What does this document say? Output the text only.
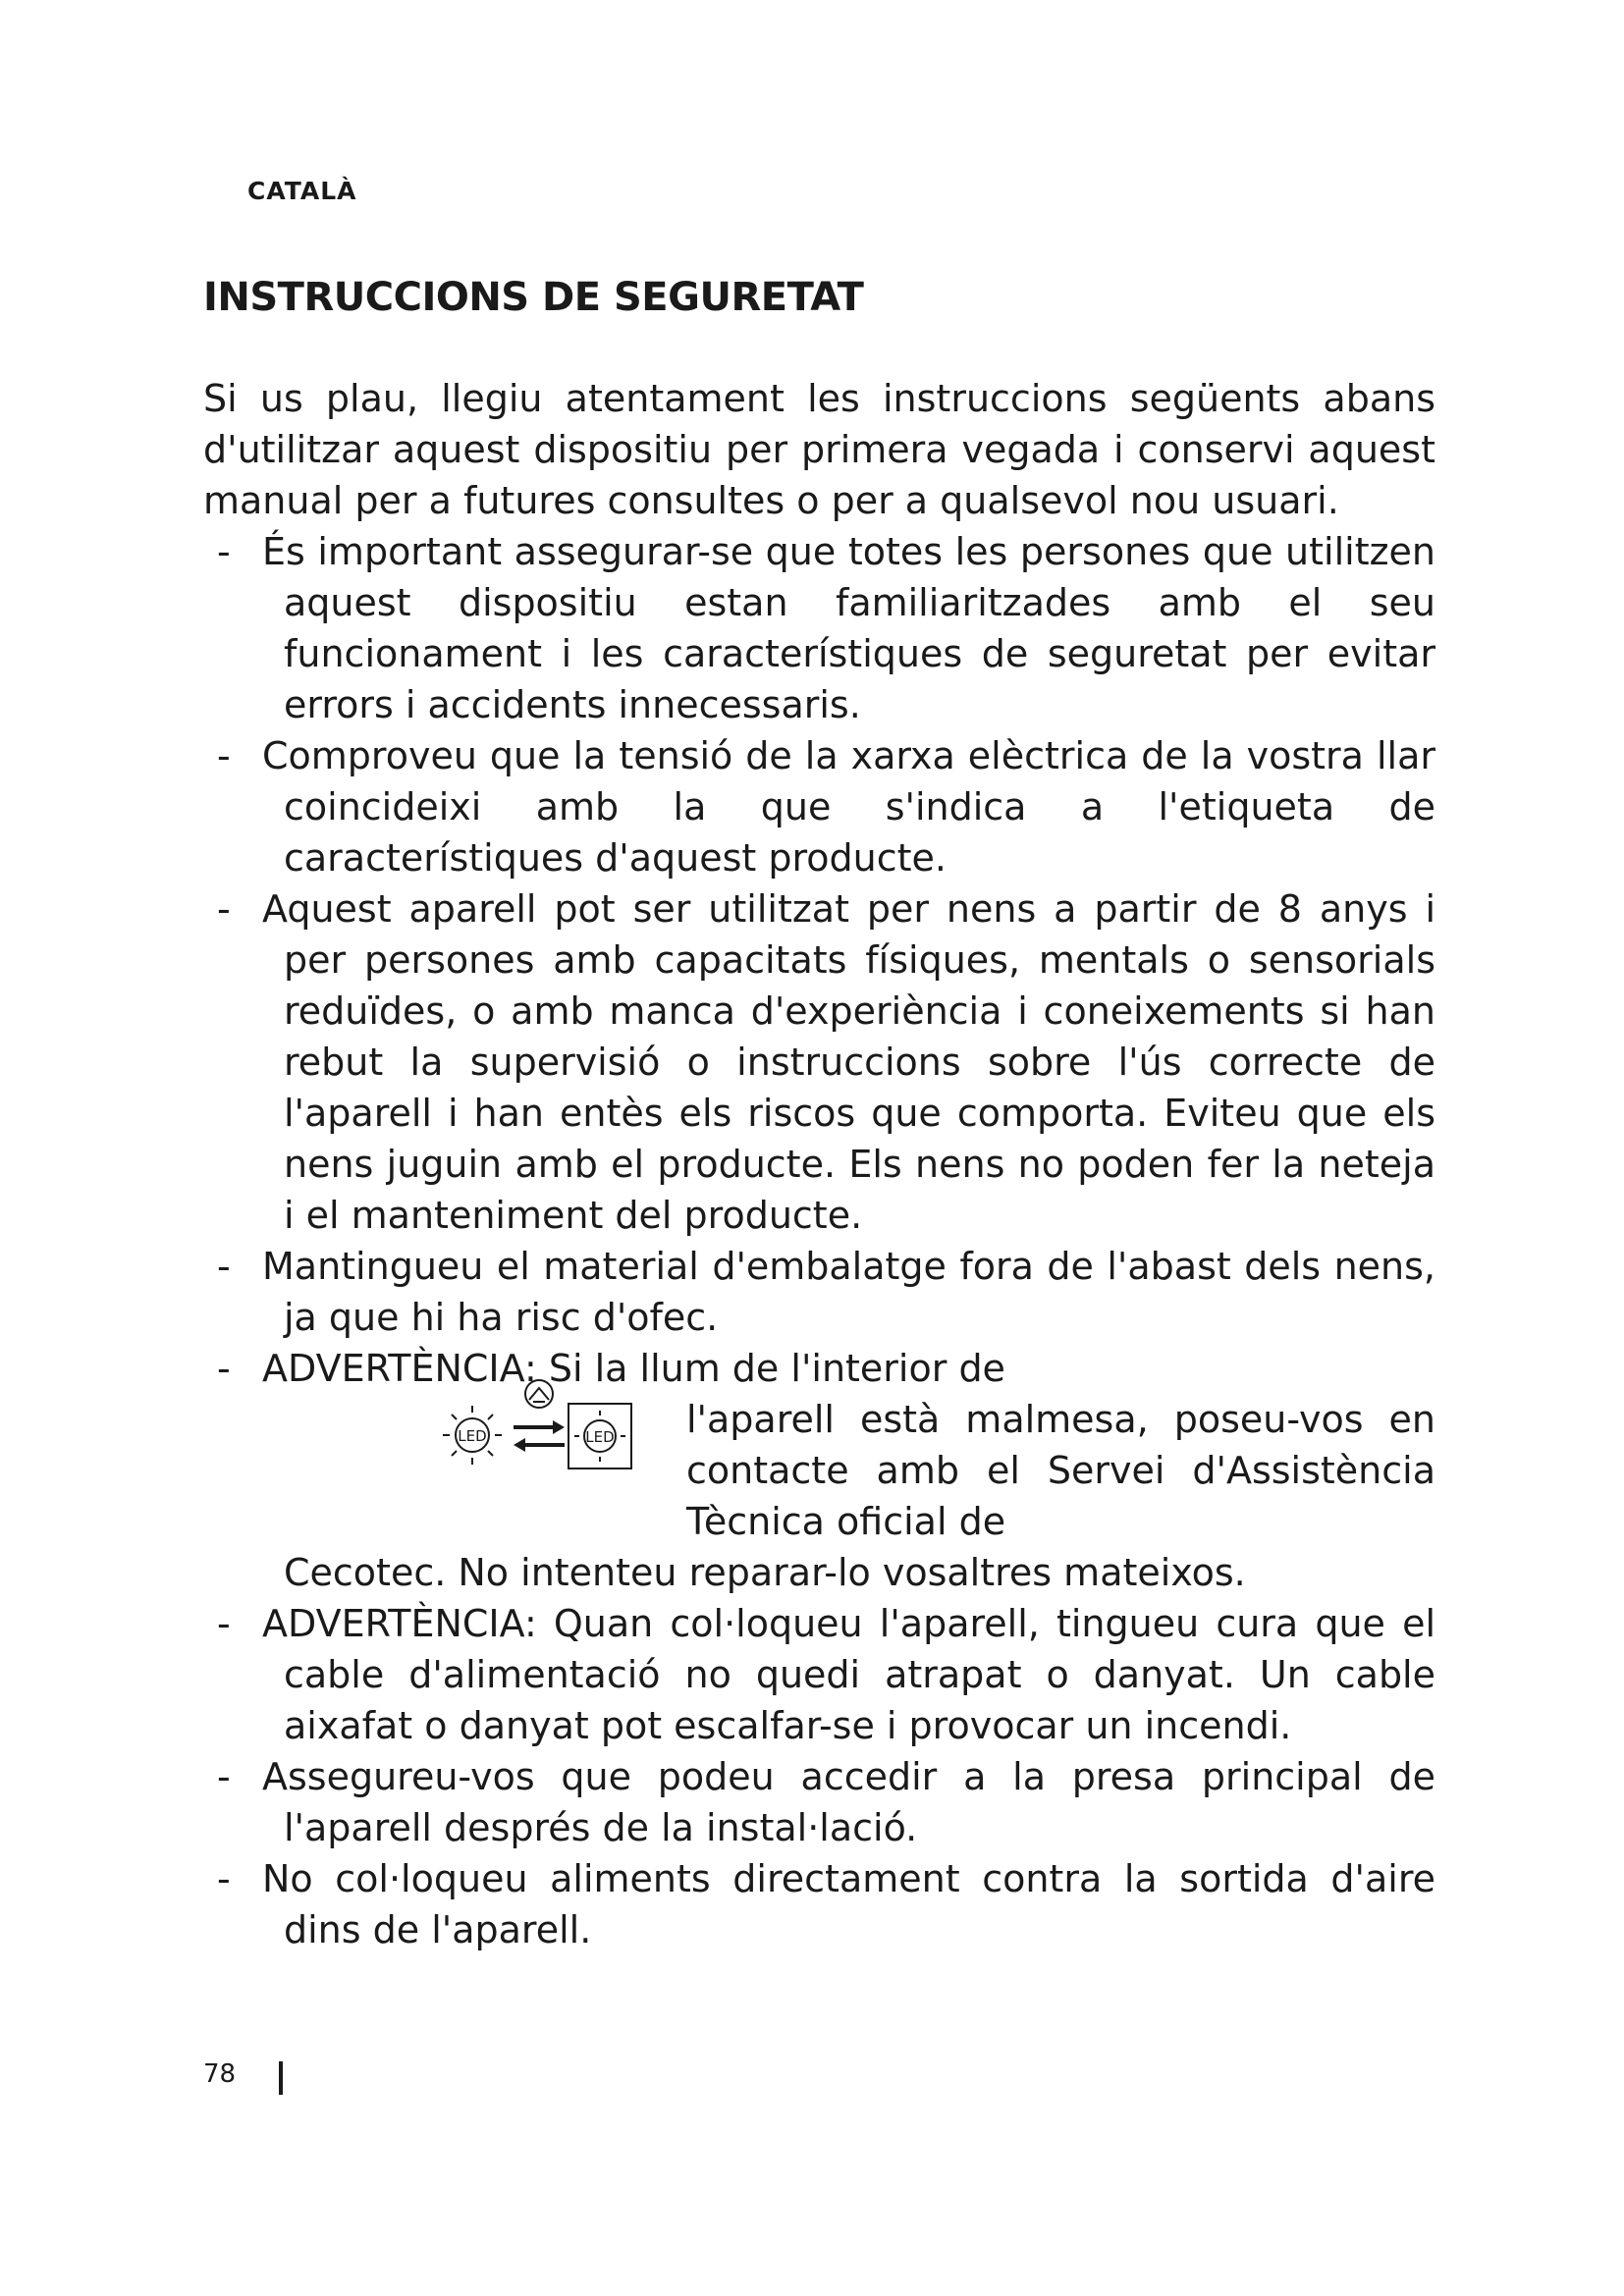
CATALÀ
INSTRUCCIONS DE SEGURETAT

Si us plau, llegiu atentament les instruccions següents abans d'utilitzar aquest dispositiu per primera vegada i conservi aquest manual per a futures consultes o per a qualsevol nou usuari.

- És important assegurar-se que totes les persones que utilitzen aquest dispositiu estan familiaritzades amb el seu funcionament i les característiques de seguretat per evitar errors i accidents innecessaris.
- Comproveu que la tensió de la xarxa elèctrica de la vostra llar coincideixi amb la que s'indica a l'etiqueta de característiques d'aquest producte.
- Aquest aparell pot ser utilitzat per nens a partir de 8 anys i per persones amb capacitats físiques, mentals o sensorials reduïdes, o amb manca d'experiència i coneixements si han rebut la supervisió o instruccions sobre l'ús correcte de l'aparell i han entès els riscos que comporta. Eviteu que els nens juguin amb el producte. Els nens no poden fer la neteja i el manteniment del producte.
- Mantingueu el material d'embalatge fora de l'abast dels nens, ja que hi ha risc d'ofec.
- ADVERTÈNCIA: Si la llum de l'interior de
LED	LED l'aparell està malmesa, poseu-vos en contacte amb el Servei d'Assistència Tècnica oficial de
Cecotec. No intenteu reparar-lo vosaltres mateixos.
- ADVERTÈNCIA: Quan col·loqueu l'aparell, tingueu cura que el cable d'alimentació no quedi atrapat o danyat. Un cable aixafat o danyat pot escalfar-se i provocar un incendi.
- Assegureu-vos que podeu accedir a la presa principal de l'aparell després de la instal·lació.
- No col·loqueu aliments directament contra la sortida d'aire dins de l'aparell.
78
